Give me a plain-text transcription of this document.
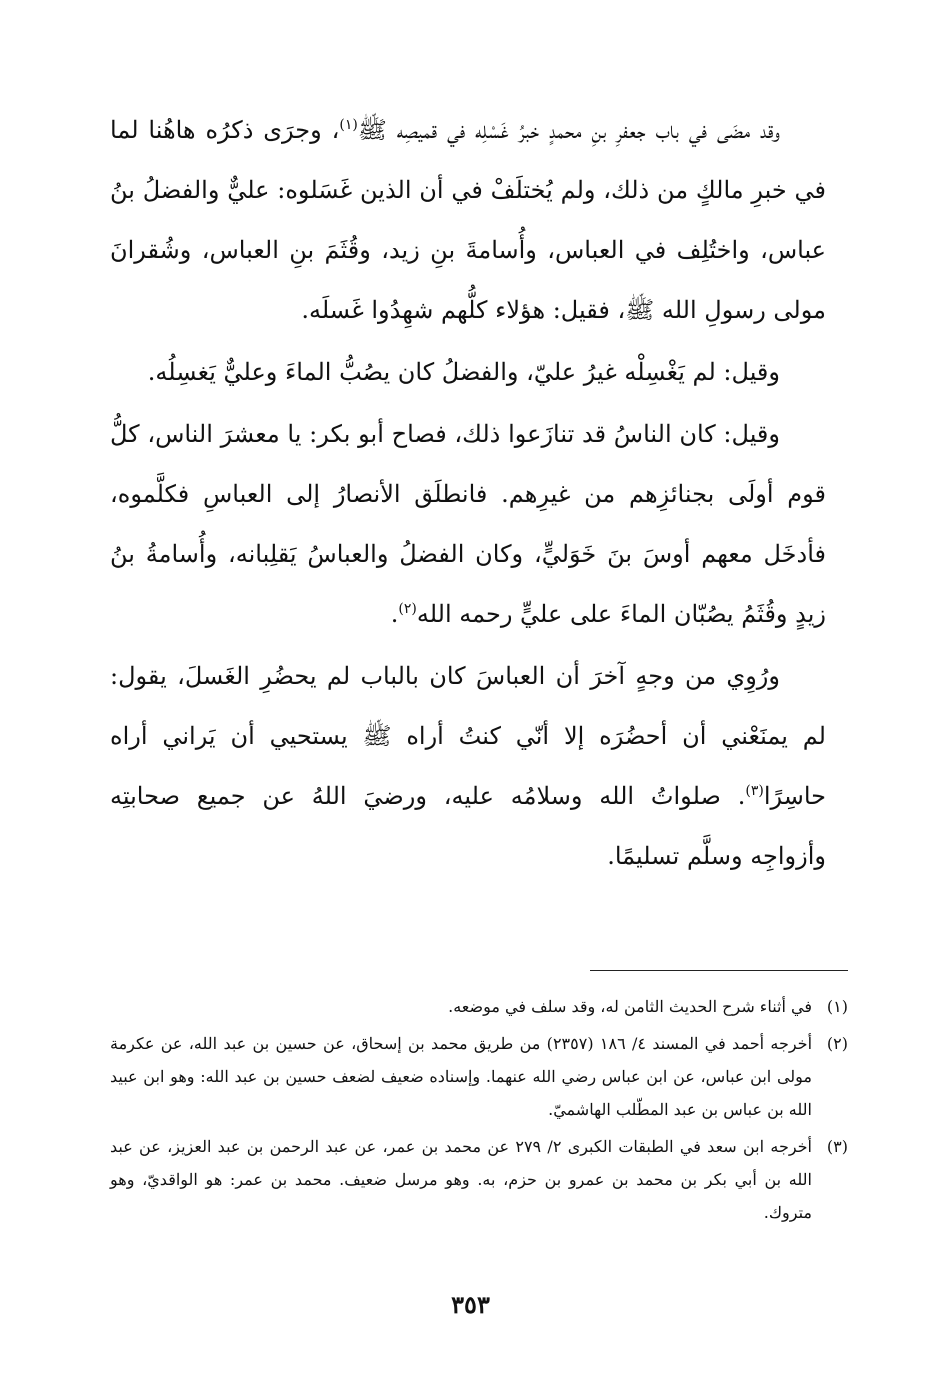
وقد مضَى في باب جعفرِ بنِ محمدٍ خبرُ غَسْلِه في قميصِه ﷺ$^{(١)}$، وجرَى ذكرُه هاهُنا لما في خبرِ مالكٍ من ذلك، ولم يُختلَفْ في أن الذين غَسَلوه: عليٌّ والفضلُ بنُ عباس، واختُلِف في العباس، وأُسامةَ بنِ زيد، وقُثَمَ بنِ العباس، وشُقرانَ مولى رسولِ الله ﷺ، فقيل: هؤلاء كلُّهم شهِدُوا غَسلَه.

وقيل: لم يَغْسِلْه غيرُ عليّ، والفضلُ كان يصُبُّ الماءَ وعليٌّ يَغسِلُه.

وقيل: كان الناسُ قد تنازَعوا ذلك، فصاح أبو بكر: يا معشرَ الناس، كلُّ قوم أولَى بجنائزِهم من غيرِهم. فانطلَق الأنصارُ إلى العباسِ فكلَّموه، فأدخَل معهم أوسَ بنَ خَوَليٍّ، وكان الفضلُ والعباسُ يَقلِبانه، وأُسامةُ بنُ زيدٍ وقُثَمُ يصُبّان الماءَ على عليٍّ رحمه الله$^{(٢)}$.

ورُوِي من وجهٍ آخرَ أن العباسَ كان بالباب لم يحضُرِ الغَسلَ، يقول: لم يمنَعْني أن أحضُرَه إلا أنّي كنتُ أراه ﷺ يستحيي أن يَراني أراه حاسِرًا$^{(٣)}$. صلواتُ الله وسلامُه عليه، ورضيَ اللهُ عن جميع صحابتِه وأزواجِه وسلَّم تسليمًا.

(١)في أثناء شرح الحديث الثامن له، وقد سلف في موضعه.

(٢)أخرجه أحمد في المسند ٤/ ١٨٦ (٢٣٥٧) من طريق محمد بن إسحاق، عن حسين بن عبد الله، عن عكرمة مولى ابن عباس، عن ابن عباس رضي الله عنهما. وإسناده ضعيف لضعف حسين بن عبد الله: وهو ابن عبيد الله بن عباس بن عبد المطّلب الهاشميّ.

(٣)أخرجه ابن سعد في الطبقات الكبرى ٢/ ٢٧٩ عن محمد بن عمر، عن عبد الرحمن بن عبد العزيز، عن عبد الله بن أبي بكر بن محمد بن عمرو بن حزم، به. وهو مرسل ضعيف. محمد بن عمر: هو الواقديّ، وهو متروك.

٣٥٣
